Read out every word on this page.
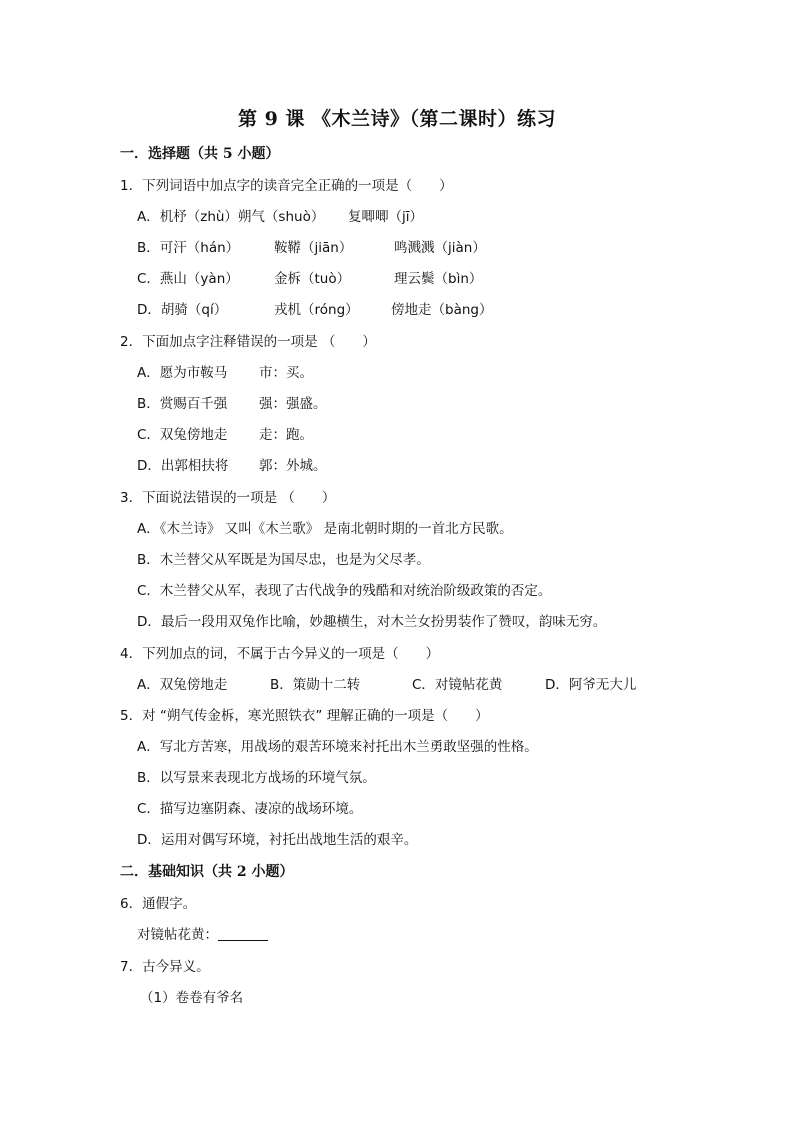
第 9 课 《木兰诗》（第二课时）练习
一．选择题（共 5 小题）
1．下列词语中加点字的读音完全正确的一项是（　　）
A．机杼（zhù）朔气（shuò） 复唧唧（jī）
B．可汗（hán）	鞍鞯（jiān）	鸣溅溅（jiàn）
C．燕山（yàn）	金柝（tuò）	理云鬓（bìn）
D．胡骑（qí）	戎机（róng） 傍地走（bàng）
2．下面加点字注释错误的一项是 （　　）
A．愿为市鞍马 市：买。
B．赏赐百千强 强：强盛。
C．双兔傍地走 走：跑。
D．出郭相扶将 郭：外城。
3．下面说法错误的一项是 （　　）
A．《木兰诗》 又叫《木兰歌》 是南北朝时期的一首北方民歌。
B．木兰替父从军既是为国尽忠，也是为父尽孝。
C．木兰替父从军，表现了古代战争的残酷和对统治阶级政策的否定。
D．最后一段用双兔作比喻，妙趣横生，对木兰女扮男装作了赞叹，韵味无穷。
4．下列加点的词，不属于古今异义的一项是（　　）
A．双兔傍地走	B．策勋十二转	C．对镜帖花黄	D．阿爷无大儿
5．对 “朔气传金柝，寒光照铁衣” 理解正确的一项是（　　）
A．写北方苦寒，用战场的艰苦环境来衬托出木兰勇敢坚强的性格。
B．以写景来表现北方战场的环境气氛。
C．描写边塞阴森、凄凉的战场环境。
D．运用对偶写环境，衬托出战地生活的艰辛。
二．基础知识（共 2 小题）
6．通假字。
对镜帖花黄：
7．古今异义。
（1）卷卷有爷名
